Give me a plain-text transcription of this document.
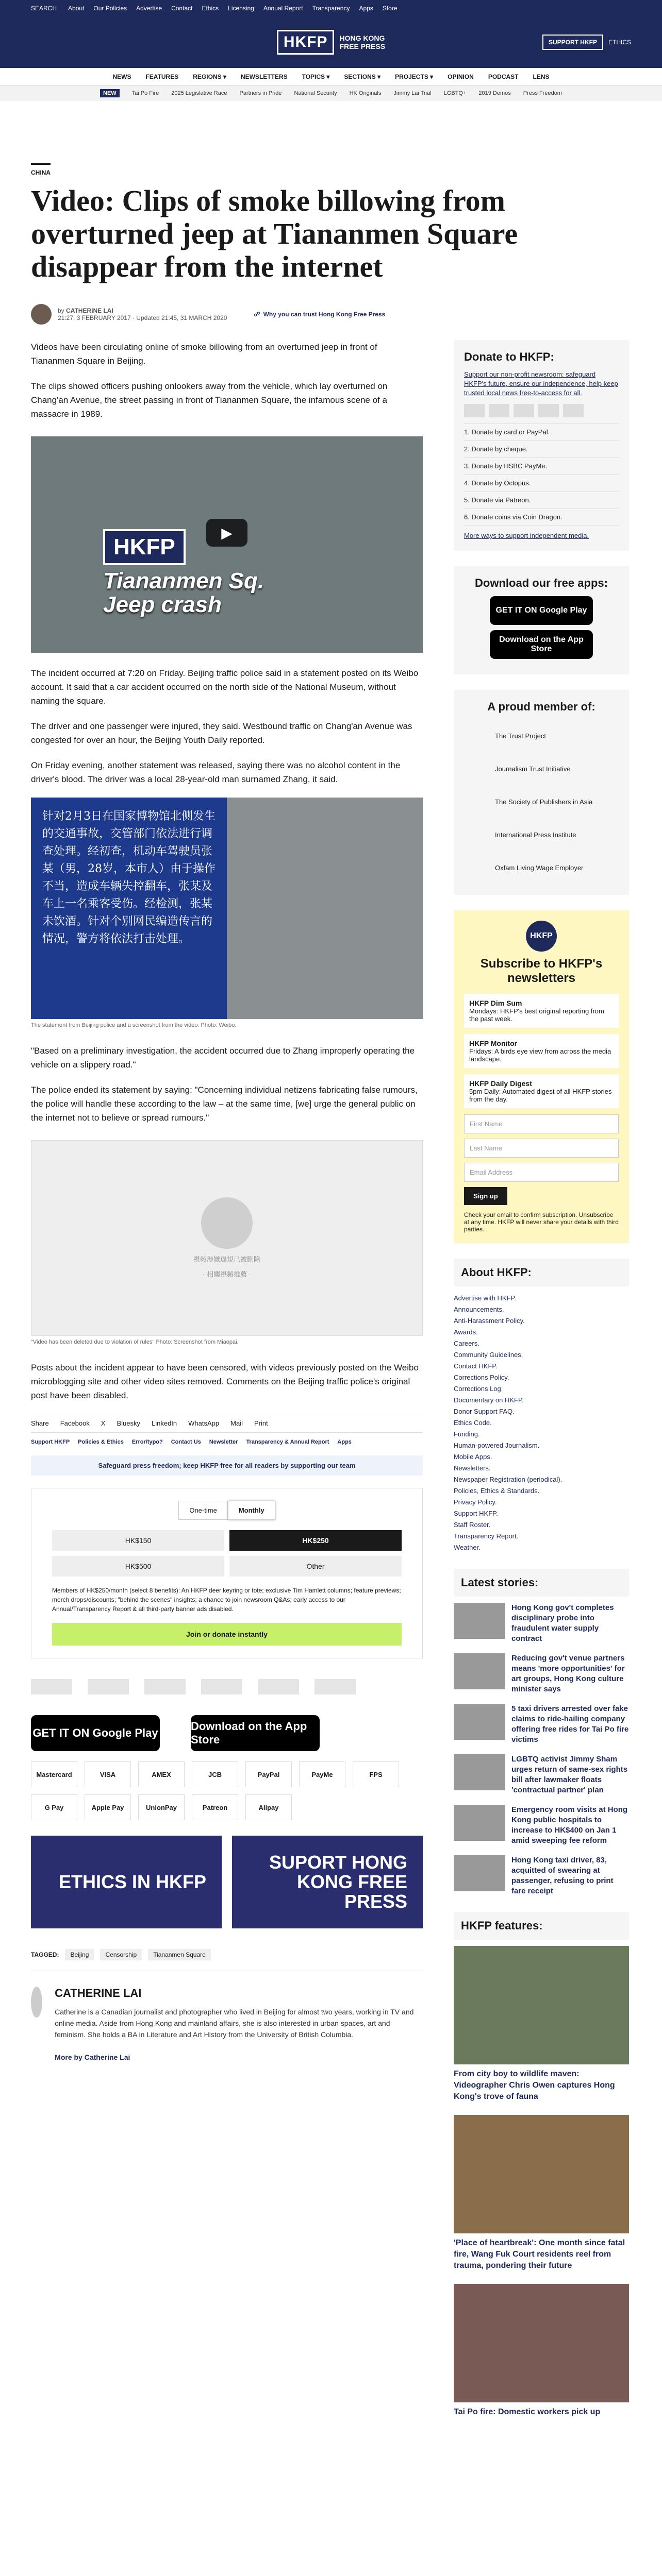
SEARCH About Our Policies Advertise Contact Ethics Licensing Annual Report Transparency Apps Store
HKFP	HONG KONG
FREE PRESS	SUPPORT HKFP	ETHICS
NEWS FEATURES REGIONS ▾ NEWSLETTERS TOPICS ▾ SECTIONS ▾ PROJECTS ▾ OPINION PODCAST LENS
NEW	Tai Po Fire 2025 Legislative Race Partners in Pride National Security HK Originals Jimmy Lai Trial LGBTQ+ 2019 Demos Press Freedom
CHINA
Video: Clips of smoke billowing from overturned jeep at Tiananmen Square disappear from the internet
by CATHERINE LAI
21:27, 3 FEBRUARY 2017 · Updated 21:45, 31 MARCH 2020	☍ Why you can trust Hong Kong Free Press

Videos have been circulating online of smoke billowing from an overturned jeep in front of Tiananmen Square in Beijing.

The clips showed officers pushing onlookers away from the vehicle, which lay overturned on Chang'an Avenue, the street passing in front of Tiananmen Square, the infamous scene of a massacre in 1989.

HKFP
Tiananmen Sq.
Jeep crash
▶

The incident occurred at 7:20 on Friday. Beijing traffic police said in a statement posted on its Weibo account. It said that a car accident occurred on the north side of the National Museum, without naming the square.

The driver and one passenger were injured, they said. Westbound traffic on Chang'an Avenue was congested for over an hour, the Beijing Youth Daily reported.

On Friday evening, another statement was released, saying there was no alcohol content in the driver's blood. The driver was a local 28-year-old man surnamed Zhang, it said.

针对2月3日在国家博物馆北侧发生的交通事故，交管部门依法进行调查处理。经初查，机动车驾驶员张某（男，28岁，本市人）由于操作不当，造成车辆失控翻车，张某及车上一名乘客受伤。经检测，张某未饮酒。针对个别网民编造传言的情况，警方将依法打击处理。
The statement from Beijing police and a screenshot from the video. Photo: Weibo.

"Based on a preliminary investigation, the accident occurred due to Zhang improperly operating the vehicle on a slippery road."

The police ended its statement by saying: "Concerning individual netizens fabricating false rumours, the police will handle these according to the law – at the same time, [we] urge the general public on the internet not to believe or spread rumours."

視頻涉嫌違規已被刪除
· 相關視頻推薦 ·
"Video has been deleted due to violation of rules" Photo: Screenshot from Miaopai.

Posts about the incident appear to have been censored, with videos previously posted on the Weibo microblogging site and other video sites removed. Comments on the Beijing traffic police's original post have been disabled.

Share Facebook X Bluesky LinkedIn WhatsApp Mail Print
Support HKFP Policies & Ethics Error/typo? Contact Us Newsletter Transparency & Annual Report Apps
Safeguard press freedom; keep HKFP free for all readers by supporting our team
One-time	Monthly
HK$150	HK$250
HK$500	Other
Members of HK$250/month (select 8 benefits): An HKFP deer keyring or tote; exclusive Tim Hamlett columns; feature previews; merch drops/discounts; "behind the scenes" insights; a chance to join newsroom Q&As; early access to our Annual/Transparency Report & all third-party banner ads disabled.
Join or donate instantly
GET IT ON Google Play
Download on the App Store
Mastercard	VISA	AMEX	JCB	PayPal	PayMe	FPS
G Pay	Apple Pay	UnionPay	Patreon	Alipay
ETHICS IN HKFP
SUPORT HONG KONG FREE PRESS
TAGGED:	Beijing	Censorship	Tiananmen Square
CATHERINE LAI

Catherine is a Canadian journalist and photographer who lived in Beijing for almost two years, working in TV and online media. Aside from Hong Kong and mainland affairs, she is also interested in urban spaces, art and feminism. She holds a BA in Literature and Art History from the University of British Columbia.

More by Catherine Lai

Donate to HKFP:
Support our non-profit newsroom: safeguard HKFP's future, ensure our independence, help keep trusted local news free-to-access for all.
1. Donate by card or PayPal.
2. Donate by cheque.
3. Donate by HSBC PayMe.
4. Donate by Octopus.
5. Donate via Patreon.
6. Donate coins via Coin Dragon.

More ways to support independent media.

Download our free apps:
GET IT ON Google Play
Download on the App Store
A proud member of:
The Trust Project
Journalism Trust Initiative
The Society of Publishers in Asia
International Press Institute
Oxfam Living Wage Employer
HKFP
Subscribe to HKFP's newsletters
HKFP Dim Sum
Mondays: HKFP's best original reporting from the past week.
HKFP Monitor
Fridays: A birds eye view from across the media landscape.
HKFP Daily Digest
5pm Daily: Automated digest of all HKFP stories from the day.
First Name
Last Name
Email Address
Sign up

Check your email to confirm subscription. Unsubscribe at any time. HKFP will never share your details with third parties.

About HKFP:
Advertise with HKFP.
Announcements.
Anti-Harassment Policy.
Awards.
Careers.
Community Guidelines.
Contact HKFP.
Corrections Policy.
Corrections Log.
Documentary on HKFP.
Donor Support FAQ.
Ethics Code.
Funding.
Human-powered Journalism.
Mobile Apps.
Newsletters.
Newspaper Registration (periodical).
Policies, Ethics & Standards.
Privacy Policy.
Support HKFP.
Staff Roster.
Transparency Report.
Weather.
Latest stories:
Hong Kong gov't completes disciplinary probe into fraudulent water supply contract
Reducing gov't venue partners means 'more opportunities' for art groups, Hong Kong culture minister says
5 taxi drivers arrested over fake claims to ride-hailing company offering free rides for Tai Po fire victims
LGBTQ activist Jimmy Sham urges return of same-sex rights bill after lawmaker floats 'contractual partner' plan
Emergency room visits at Hong Kong public hospitals to increase to HK$400 on Jan 1 amid sweeping fee reform
Hong Kong taxi driver, 83, acquitted of swearing at passenger, refusing to print fare receipt
HKFP features:

From city boy to wildlife maven: Videographer Chris Owen captures Hong Kong's trove of fauna

'Place of heartbreak': One month since fatal fire, Wang Fuk Court residents reel from trauma, pondering their future

Tai Po fire: Domestic workers pick up
